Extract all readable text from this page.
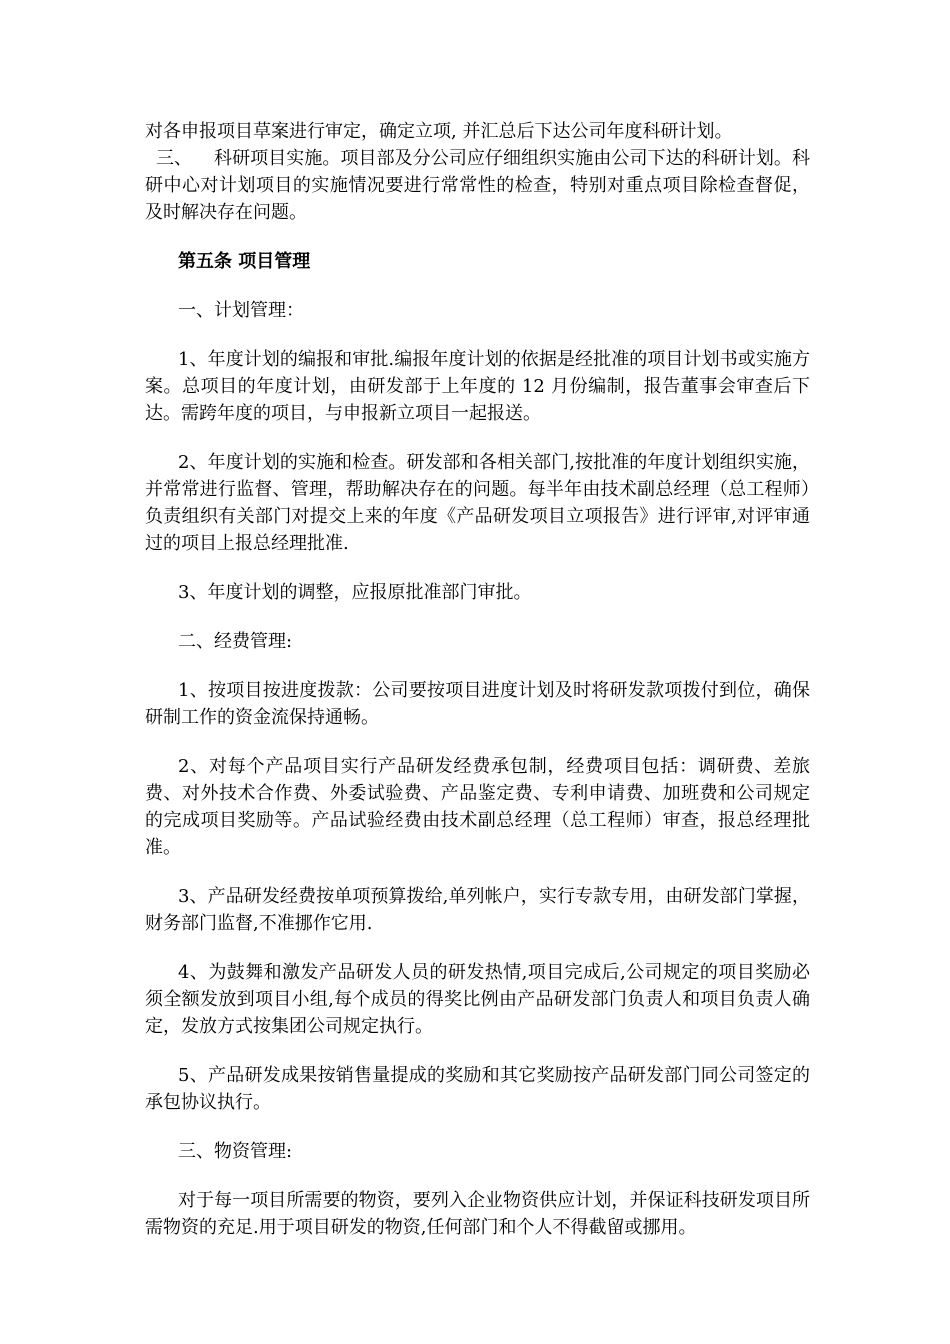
对各申报项目草案进行审定，确定立项, 并汇总后下达公司年度科研计划。

三、 科研项目实施。项目部及分公司应仔细组织实施由公司下达的科研计划。科研中心对计划项目的实施情况要进行常常性的检查，特别对重点项目除检查督促，及时解决存在问题。

第五条 项目管理

一、计划管理：

1、年度计划的编报和审批.编报年度计划的依据是经批准的项目计划书或实施方案。总项目的年度计划，由研发部于上年度的 12 月份编制，报告董事会审查后下达。需跨年度的项目，与申报新立项目一起报送。

2、年度计划的实施和检查。研发部和各相关部门,按批准的年度计划组织实施，并常常进行监督、管理，帮助解决存在的问题。每半年由技术副总经理（总工程师）负责组织有关部门对提交上来的年度《产品研发项目立项报告》进行评审,对评审通过的项目上报总经理批准.

3、年度计划的调整，应报原批准部门审批。

二、经费管理:

1、按项目按进度拨款：公司要按项目进度计划及时将研发款项拨付到位，确保研制工作的资金流保持通畅。

2、对每个产品项目实行产品研发经费承包制，经费项目包括：调研费、差旅费、对外技术合作费、外委试验费、产品鉴定费、专利申请费、加班费和公司规定的完成项目奖励等。产品试验经费由技术副总经理（总工程师）审查，报总经理批准。

3、产品研发经费按单项预算拨给,单列帐户，实行专款专用，由研发部门掌握，财务部门监督,不准挪作它用.

4、为鼓舞和激发产品研发人员的研发热情,项目完成后,公司规定的项目奖励必须全额发放到项目小组,每个成员的得奖比例由产品研发部门负责人和项目负责人确定，发放方式按集团公司规定执行。

5、产品研发成果按销售量提成的奖励和其它奖励按产品研发部门同公司签定的承包协议执行。

三、物资管理:

对于每一项目所需要的物资，要列入企业物资供应计划，并保证科技研发项目所需物资的充足.用于项目研发的物资,任何部门和个人不得截留或挪用。
